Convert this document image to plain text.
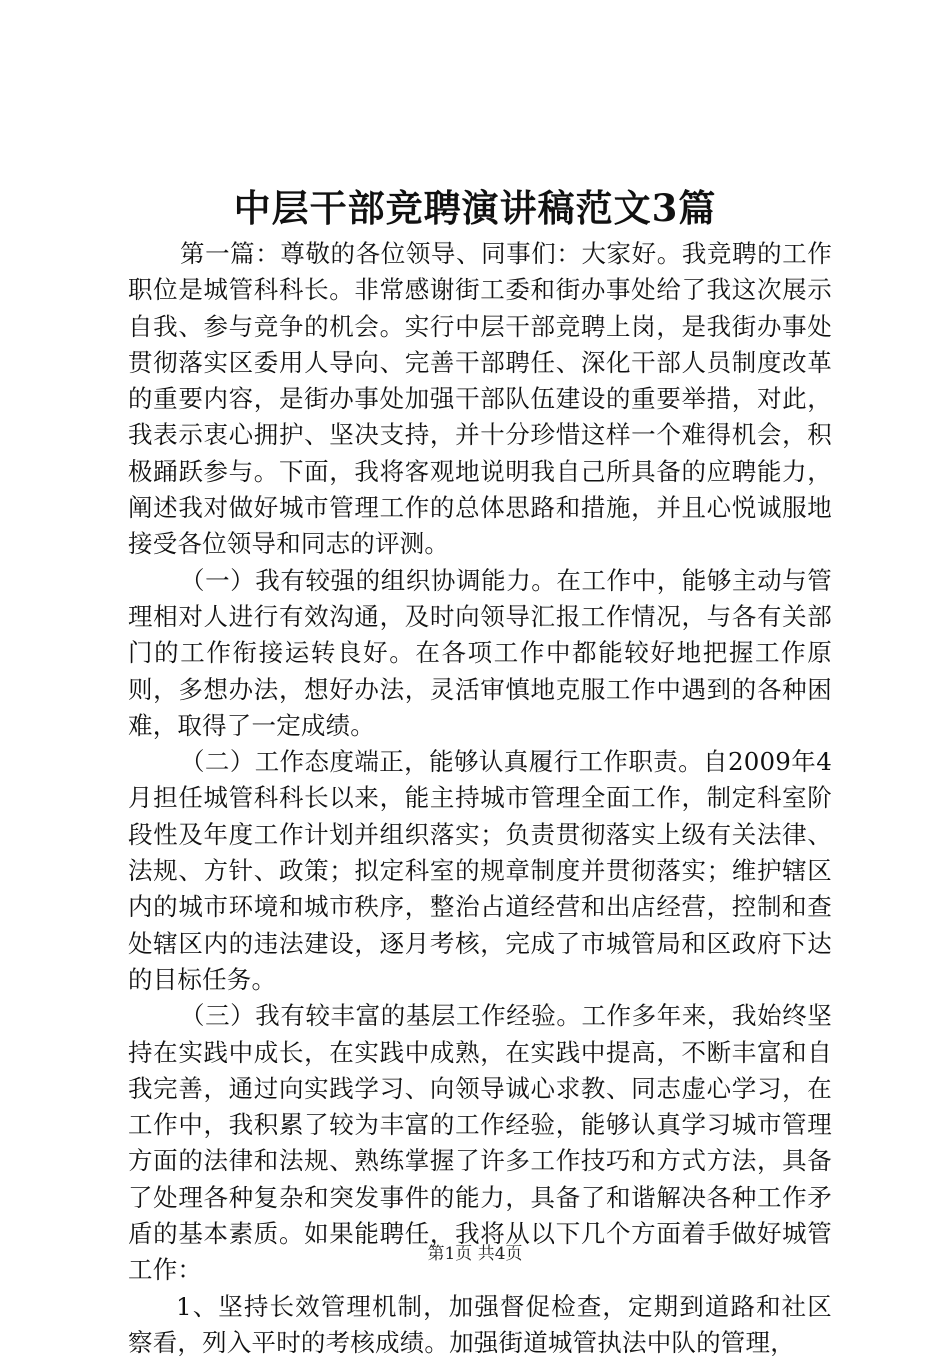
中层干部竞聘演讲稿范文3篇

第一篇：尊敬的各位领导、同事们：大家好。我竞聘的工作职位是城管科科长。非常感谢街工委和街办事处给了我这次展示自我、参与竞争的机会。实行中层干部竞聘上岗，是我街办事处贯彻落实区委用人导向、完善干部聘任、深化干部人员制度改革的重要内容，是街办事处加强干部队伍建设的重要举措，对此，我表示衷心拥护、坚决支持，并十分珍惜这样一个难得机会，积极踊跃参与。下面，我将客观地说明我自己所具备的应聘能力，阐述我对做好城市管理工作的总体思路和措施，并且心悦诚服地接受各位领导和同志的评测。

（一）我有较强的组织协调能力。在工作中，能够主动与管理相对人进行有效沟通，及时向领导汇报工作情况，与各有关部门的工作衔接运转良好。在各项工作中都能较好地把握工作原则，多想办法，想好办法，灵活审慎地克服工作中遇到的各种困难，取得了一定成绩。

（二）工作态度端正，能够认真履行工作职责。自2009年4月担任城管科科长以来，能主持城市管理全面工作，制定科室阶段性及年度工作计划并组织落实；负责贯彻落实上级有关法律、法规、方针、政策；拟定科室的规章制度并贯彻落实；维护辖区内的城市环境和城市秩序，整治占道经营和出店经营，控制和查处辖区内的违法建设，逐月考核，完成了市城管局和区政府下达的目标任务。

（三）我有较丰富的基层工作经验。工作多年来，我始终坚持在实践中成长，在实践中成熟，在实践中提高，不断丰富和自我完善，通过向实践学习、向领导诚心求教、同志虚心学习，在工作中，我积累了较为丰富的工作经验，能够认真学习城市管理方面的法律和法规、熟练掌握了许多工作技巧和方式方法，具备了处理各种复杂和突发事件的能力，具备了和谐解决各种工作矛盾的基本素质。如果能聘任，我将从以下几个方面着手做好城管工作：

1、坚持长效管理机制，加强督促检查，定期到道路和社区察看，列入平时的考核成绩。加强街道城管执法中队的管理，

第1页 共4页
